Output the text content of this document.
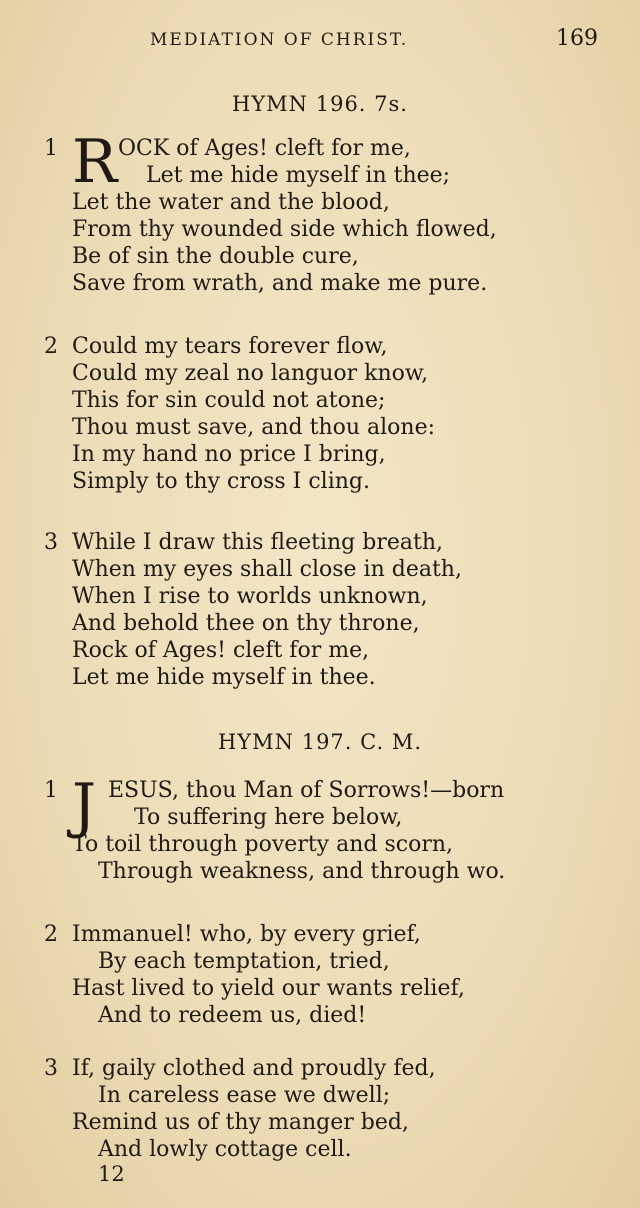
MEDIATION OF CHRIST.	169
HYMN 196. 7s.
1 R OCK of Ages! cleft for me,
Let me hide myself in thee;
Let the water and the blood,
From thy wounded side which flowed,
Be of sin the double cure,
Save from wrath, and make me pure.
2 Could my tears forever flow,
Could my zeal no languor know,
This for sin could not atone;
Thou must save, and thou alone:
In my hand no price I bring,
Simply to thy cross I cling.
3 While I draw this fleeting breath,
When my eyes shall close in death,
When I rise to worlds unknown,
And behold thee on thy throne,
Rock of Ages! cleft for me,
Let me hide myself in thee.
HYMN 197. C. M.
1 J ESUS, thou Man of Sorrows!—born
To suffering here below,
To toil through poverty and scorn,
Through weakness, and through wo.
2 Immanuel! who, by every grief,
By each temptation, tried,
Hast lived to yield our wants relief,
And to redeem us, died!
3 If, gaily clothed and proudly fed,
In careless ease we dwell;
Remind us of thy manger bed,
And lowly cottage cell.
12
